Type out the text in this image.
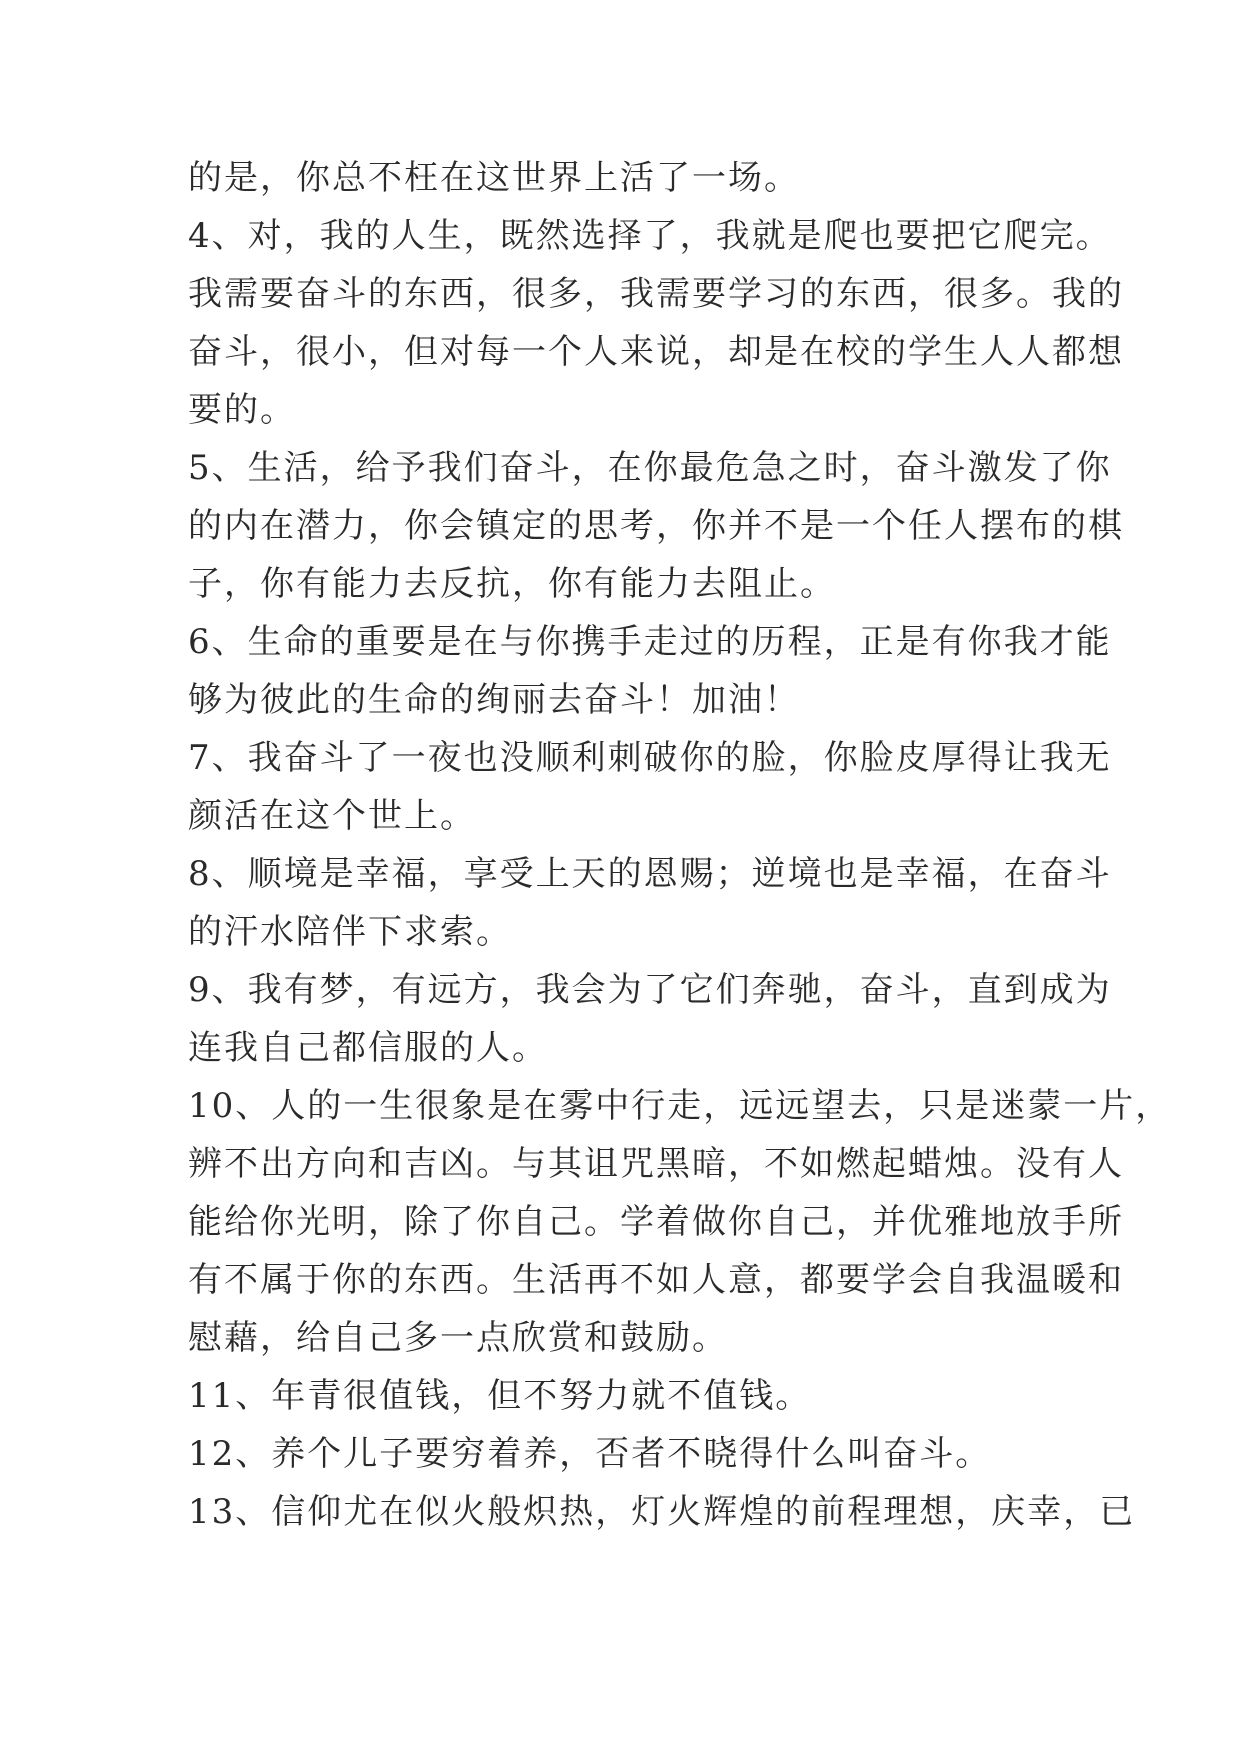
的是，你总不枉在这世界上活了一场。
4、对，我的人生，既然选择了，我就是爬也要把它爬完。
我需要奋斗的东西，很多，我需要学习的东西，很多。我的
奋斗，很小，但对每一个人来说，却是在校的学生人人都想
要的。
5、生活，给予我们奋斗，在你最危急之时，奋斗激发了你
的内在潜力，你会镇定的思考，你并不是一个任人摆布的棋
子，你有能力去反抗，你有能力去阻止。
6、生命的重要是在与你携手走过的历程，正是有你我才能
够为彼此的生命的绚丽去奋斗！加油！
7、我奋斗了一夜也没顺利刺破你的脸，你脸皮厚得让我无
颜活在这个世上。
8、顺境是幸福，享受上天的恩赐；逆境也是幸福，在奋斗
的汗水陪伴下求索。
9、我有梦，有远方，我会为了它们奔驰，奋斗，直到成为
连我自己都信服的人。
10、人的一生很象是在雾中行走，远远望去，只是迷蒙一片，
辨不出方向和吉凶。与其诅咒黑暗，不如燃起蜡烛。没有人
能给你光明，除了你自己。学着做你自己，并优雅地放手所
有不属于你的东西。生活再不如人意，都要学会自我温暖和
慰藉，给自己多一点欣赏和鼓励。
11、年青很值钱，但不努力就不值钱。
12、养个儿子要穷着养，否者不晓得什么叫奋斗。
13、信仰尤在似火般炽热，灯火辉煌的前程理想，庆幸，已
